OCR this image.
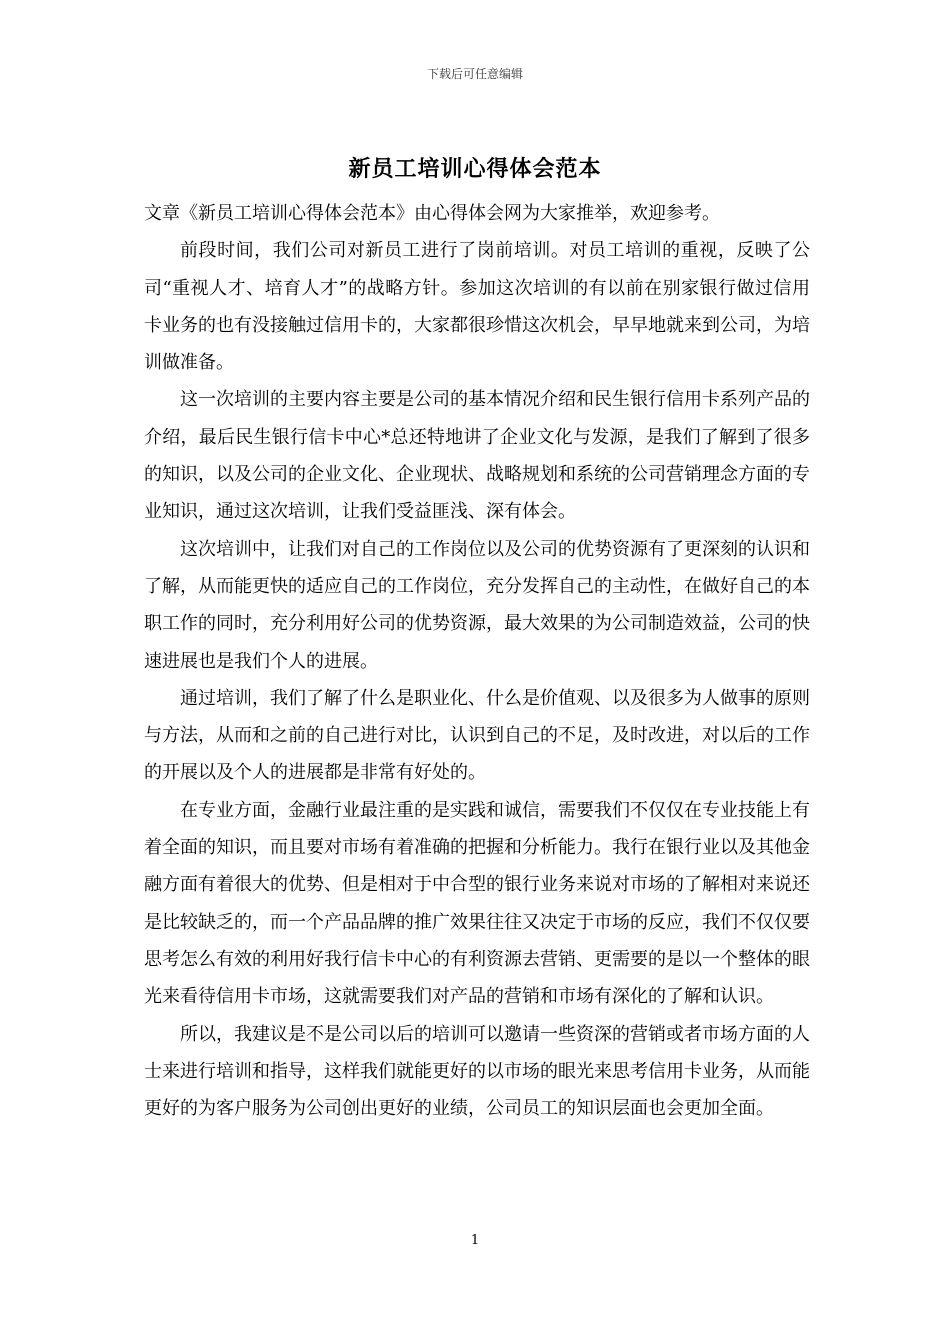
下载后可任意编辑
新员工培训心得体会范本

文章《新员工培训心得体会范本》由心得体会网为大家推举，欢迎参考。

前段时间，我们公司对新员工进行了岗前培训。对员工培训的重视，反映了公司“重视人才、培育人才”的战略方针。参加这次培训的有以前在别家银行做过信用卡业务的也有没接触过信用卡的，大家都很珍惜这次机会，早早地就来到公司，为培训做准备。

这一次培训的主要内容主要是公司的基本情况介绍和民生银行信用卡系列产品的介绍，最后民生银行信卡中心*总还特地讲了企业文化与发源，是我们了解到了很多的知识，以及公司的企业文化、企业现状、战略规划和系统的公司营销理念方面的专业知识，通过这次培训，让我们受益匪浅、深有体会。

这次培训中，让我们对自己的工作岗位以及公司的优势资源有了更深刻的认识和了解，从而能更快的适应自己的工作岗位，充分发挥自己的主动性，在做好自己的本职工作的同时，充分利用好公司的优势资源，最大效果的为公司制造效益，公司的快速进展也是我们个人的进展。

通过培训，我们了解了什么是职业化、什么是价值观、以及很多为人做事的原则与方法，从而和之前的自己进行对比，认识到自己的不足，及时改进，对以后的工作的开展以及个人的进展都是非常有好处的。

在专业方面，金融行业最注重的是实践和诚信，需要我们不仅仅在专业技能上有着全面的知识，而且要对市场有着准确的把握和分析能力。我行在银行业以及其他金融方面有着很大的优势、但是相对于中合型的银行业务来说对市场的了解相对来说还是比较缺乏的，而一个产品品牌的推广效果往往又决定于市场的反应，我们不仅仅要思考怎么有效的利用好我行信卡中心的有利资源去营销、更需要的是以一个整体的眼光来看待信用卡市场，这就需要我们对产品的营销和市场有深化的了解和认识。

所以，我建议是不是公司以后的培训可以邀请一些资深的营销或者市场方面的人士来进行培训和指导，这样我们就能更好的以市场的眼光来思考信用卡业务，从而能更好的为客户服务为公司创出更好的业绩，公司员工的知识层面也会更加全面。

1
